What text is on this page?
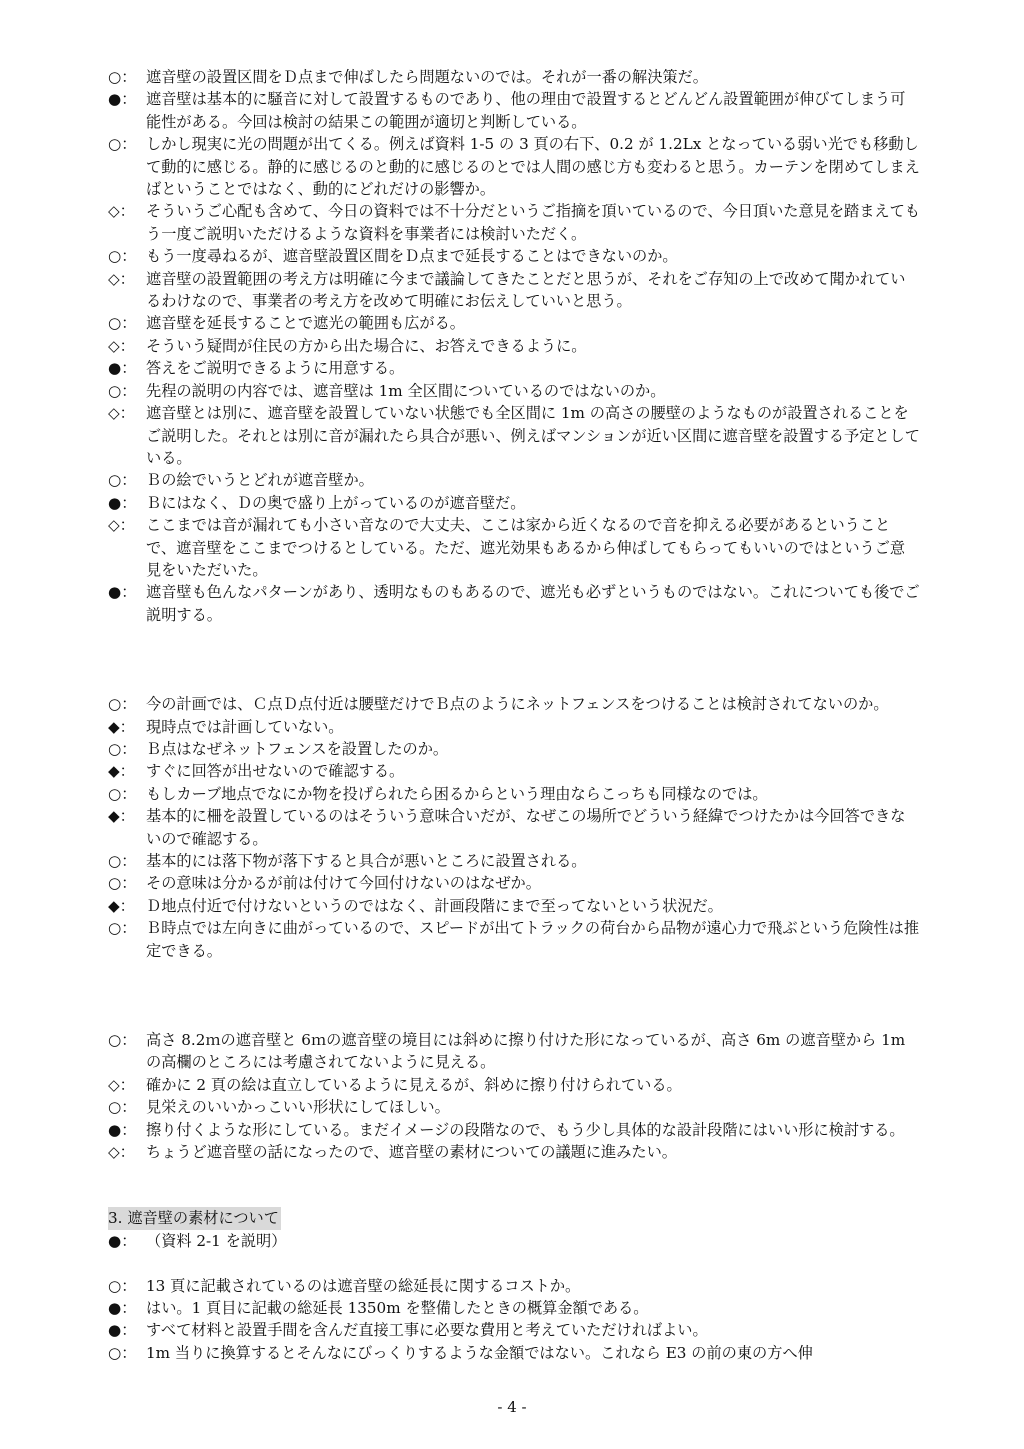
○： 遮音壁の設置区間をＤ点まで伸ばしたら問題ないのでは。それが一番の解決策だ。
●： 遮音壁は基本的に騒音に対して設置するものであり、他の理由で設置するとどんどん設置範囲が伸びてしまう可能性がある。今回は検討の結果この範囲が適切と判断している。
○： しかし現実に光の問題が出てくる。例えば資料 1-5 の 3 頁の右下、0.2 が 1.2Lx となっている弱い光でも移動して動的に感じる。静的に感じるのと動的に感じるのとでは人間の感じ方も変わると思う。カーテンを閉めてしまえばということではなく、動的にどれだけの影響か。
◇： そういうご心配も含めて、今日の資料では不十分だというご指摘を頂いているので、今日頂いた意見を踏まえてもう一度ご説明いただけるような資料を事業者には検討いただく。
○： もう一度尋ねるが、遮音壁設置区間をＤ点まで延長することはできないのか。
◇： 遮音壁の設置範囲の考え方は明確に今まで議論してきたことだと思うが、それをご存知の上で改めて聞かれているわけなので、事業者の考え方を改めて明確にお伝えしていいと思う。
○： 遮音壁を延長することで遮光の範囲も広がる。
◇： そういう疑問が住民の方から出た場合に、お答えできるように。
●： 答えをご説明できるように用意する。
○： 先程の説明の内容では、遮音壁は 1m 全区間についているのではないのか。
◇： 遮音壁とは別に、遮音壁を設置していない状態でも全区間に 1m の高さの腰壁のようなものが設置されることをご説明した。それとは別に音が漏れたら具合が悪い、例えばマンションが近い区間に遮音壁を設置する予定としている。
○： Ｂの絵でいうとどれが遮音壁か。
●： Ｂにはなく、Ｄの奥で盛り上がっているのが遮音壁だ。
◇： ここまでは音が漏れても小さい音なので大丈夫、ここは家から近くなるので音を抑える必要があるということで、遮音壁をここまでつけるとしている。ただ、遮光効果もあるから伸ばしてもらってもいいのではというご意見をいただいた。
●： 遮音壁も色んなパターンがあり、透明なものもあるので、遮光も必ずというものではない。これについても後でご説明する。
○： 今の計画では、Ｃ点Ｄ点付近は腰壁だけでＢ点のようにネットフェンスをつけることは検討されてないのか。
◆： 現時点では計画していない。
○： Ｂ点はなぜネットフェンスを設置したのか。
◆： すぐに回答が出せないので確認する。
○： もしカーブ地点でなにか物を投げられたら困るからという理由ならこっちも同様なのでは。
◆： 基本的に柵を設置しているのはそういう意味合いだが、なぜこの場所でどういう経緯でつけたかは今回答できないので確認する。
○： 基本的には落下物が落下すると具合が悪いところに設置される。
○： その意味は分かるが前は付けて今回付けないのはなぜか。
◆： Ｄ地点付近で付けないというのではなく、計画段階にまで至ってないという状況だ。
○： Ｂ時点では左向きに曲がっているので、スピードが出てトラックの荷台から品物が遠心力で飛ぶという危険性は推定できる。
○： 高さ 8.2ｍの遮音壁と 6ｍの遮音壁の境目には斜めに擦り付けた形になっているが、高さ 6m の遮音壁から 1m の高欄のところには考慮されてないように見える。
◇： 確かに 2 頁の絵は直立しているように見えるが、斜めに擦り付けられている。
○： 見栄えのいいかっこいい形状にしてほしい。
●： 擦り付くような形にしている。まだイメージの段階なので、もう少し具体的な設計段階にはいい形に検討する。
◇： ちょうど遮音壁の話になったので、遮音壁の素材についての議題に進みたい。
3. 遮音壁の素材について
●： （資料 2-1 を説明）
○： 13 頁に記載されているのは遮音壁の総延長に関するコストか。
●： はい。1 頁目に記載の総延長 1350m を整備したときの概算金額である。
●： すべて材料と設置手間を含んだ直接工事に必要な費用と考えていただければよい。
○： 1m 当りに換算するとそんなにびっくりするような金額ではない。これなら E3 の前の東の方へ伸
- 4 -
